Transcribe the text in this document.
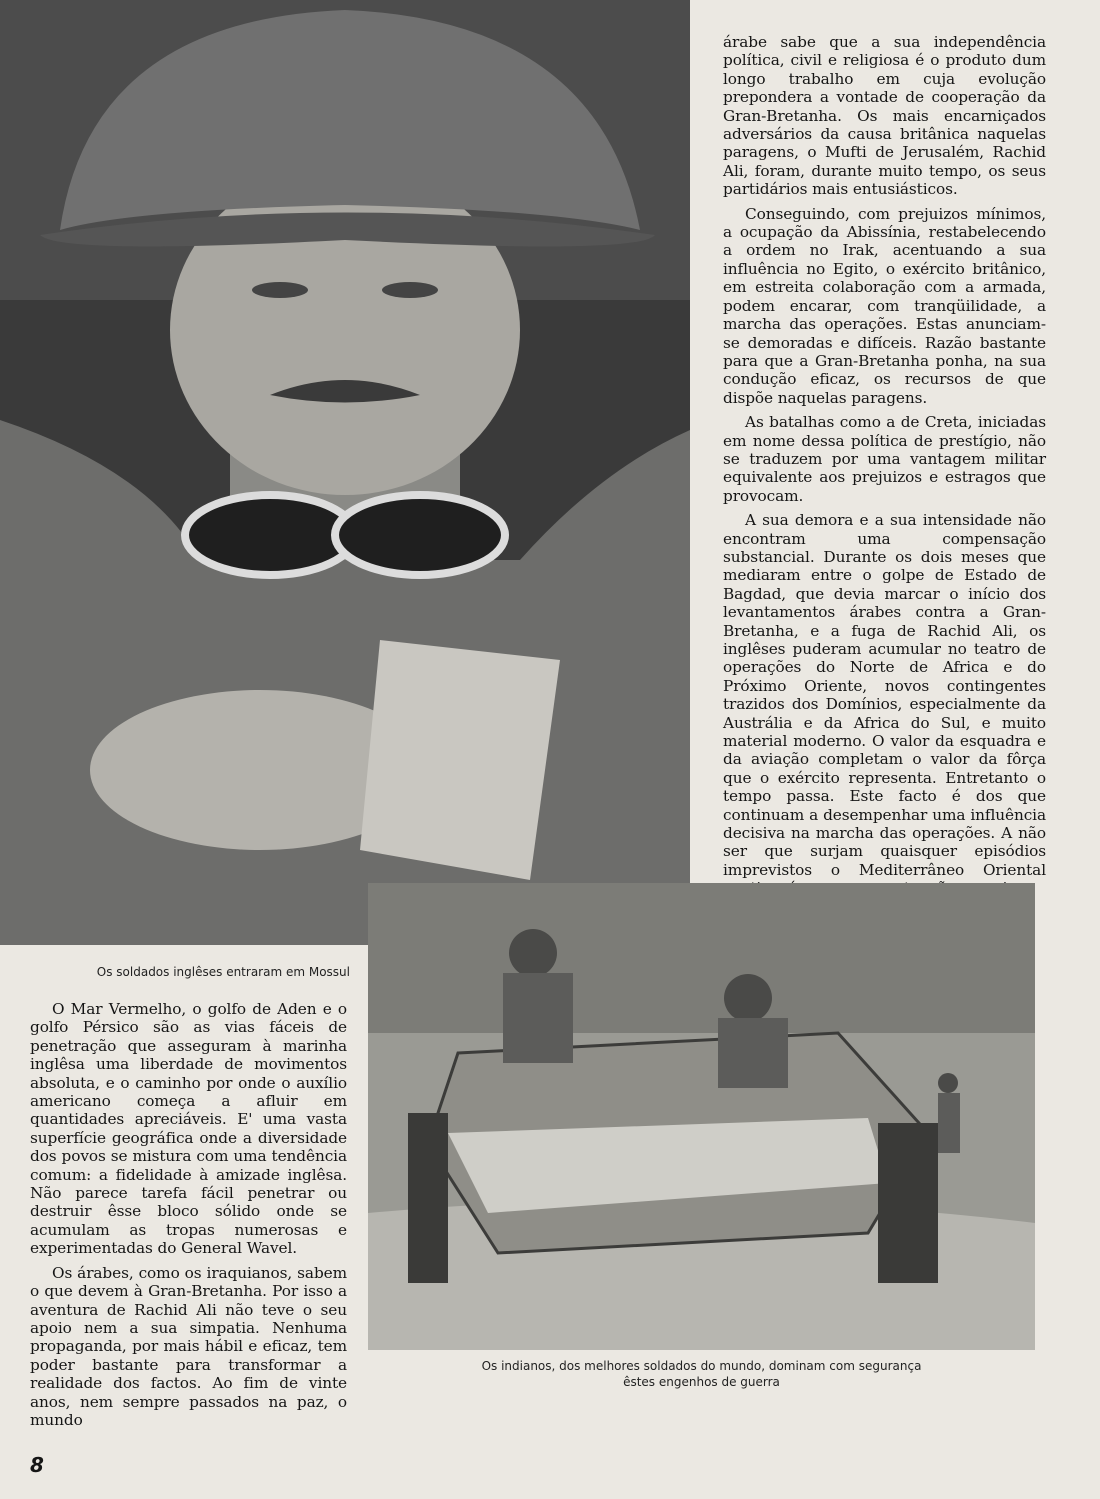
Os soldados inglêses entraram em Mossul

árabe sabe que a sua independência política, civil e religiosa é o produto dum longo trabalho em cuja evolução preponderа a vontade de cooperação da Gran-Bretanha. Os mais encarniçados adversários da causa britânica naquelas paragens, o Mufti de Jerusalém, Rachid Ali, foram, durante muito tempo, os seus partidários mais entusiásticos.

Conseguindo, com prejuizos mínimos, a ocupação da Abissínia, restabelecendo a ordem no Irak, acentuando a sua influência no Egito, o exército britânico, em estreita colaboração com a armada, podem encarar, com tranqüilidade, a marcha das operações. Estas anunciam-se demoradas e difíceis. Razão bastante para que a Gran-Bretanha ponha, na sua condução eficaz, os recursos de que dispõe naquelas paragens.

As batalhas como a de Creta, iniciadas em nome dessa política de prestígio, não se traduzem por uma vantagem militar equivalente aos prejuizos e estragos que provocam.

A sua demora e a sua intensidade não encontram uma compensação substancial. Durante os dois meses que mediaram entre o golpe de Estado de Bagdad, que devia marcar o início dos levantamentos árabes contra a Gran-Bretanha, e a fuga de Rachid Ali, os inglêses puderam acumular no teatro de operações do Norte de Africa e do Próximo Oriente, novos contingentes trazidos dos Domínios, especialmente da Austrália e da Africa do Sul, e muito material moderno. O valor da esquadra e da aviação completam o valor da fôrça que o exército representa. Entretanto o tempo passa. Este facto é dos que continuam a desempenhar uma influência decisiva na marcha das operações. A não ser que surjam quaisquer episódios imprevistos o Mediterrâneo Oriental

Os indianos, dos melhores soldados do mundo, dominam com segurança
êstes engenhos de guerra

O Mar Vermelho, o golfo de Aden e o golfo Pérsico são as vias fáceis de penetração que asseguram à marinha inglêsa uma liberdade de movimentos absoluta, e o caminho por onde o auxílio americano começa a afluir em quantidades apreciáveis. E' uma vasta superfície geográfica onde a diversidade dos povos se mistura com uma tendência comum: a fidelidade à amizade inglêsa. Não parece tarefa fácil penetrar ou destruir êsse bloco sólido onde se acumulam as tropas numerosas e experimentadas do General Wavel.

Os árabes, como os iraquianos, sabem o que devem à Gran-Bretanha. Por isso a aventura de Rachid Ali não teve o seu apoio nem a sua simpatia. Nenhuma propaganda, por mais hábil e eficaz, tem poder bastante para transformar a realidade dos factos. Ao fim de vinte anos, nem sempre passados na paz, o mundo

8
